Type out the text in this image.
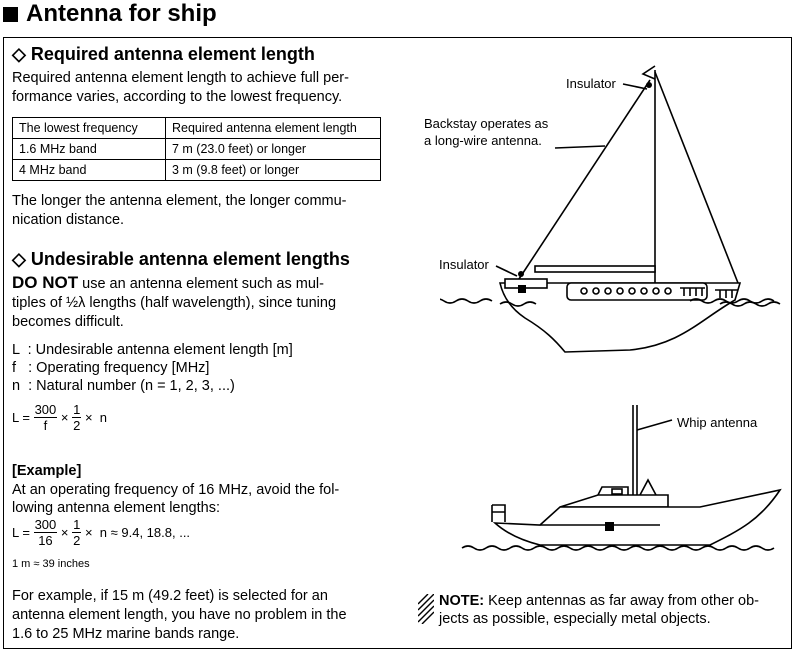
Antenna for ship
◇ Required antenna element length
Required antenna element length to achieve full per-
formance varies, according to the lowest frequency.
The lowest frequency	Required antenna element length
1.6 MHz band	7 m (23.0 feet) or longer
4 MHz band	3 m (9.8 feet) or longer
The longer the antenna element, the longer commu-
nication distance.
◇ Undesirable antenna element lengths
DO NOT use an antenna element such as mul-
tiples of ½λ lengths (half wavelength), since tuning
becomes difficult.
L  : Undesirable antenna element length [m]
f   : Operating frequency [MHz]
n  : Natural number (n = 1, 2, 3, ...)
$L = \frac{300}{f} \times \frac{1}{2} \times n$
[Example]
At an operating frequency of 16 MHz, avoid the fol-
lowing antenna element lengths:
$L = \frac{300}{16} \times \frac{1}{2} \times n \approx 9.4$, 18.8, ...
1 m ≈ 39 inches
For example, if 15 m (49.2 feet) is selected for an
antenna element length, you have no problem in the
1.6 to 25 MHz marine bands range.
Insulator
Backstay operates as
a long-wire antenna.
Insulator
Whip antenna
NOTE: Keep antennas as far away from other ob-
jects as possible, especially metal objects.
